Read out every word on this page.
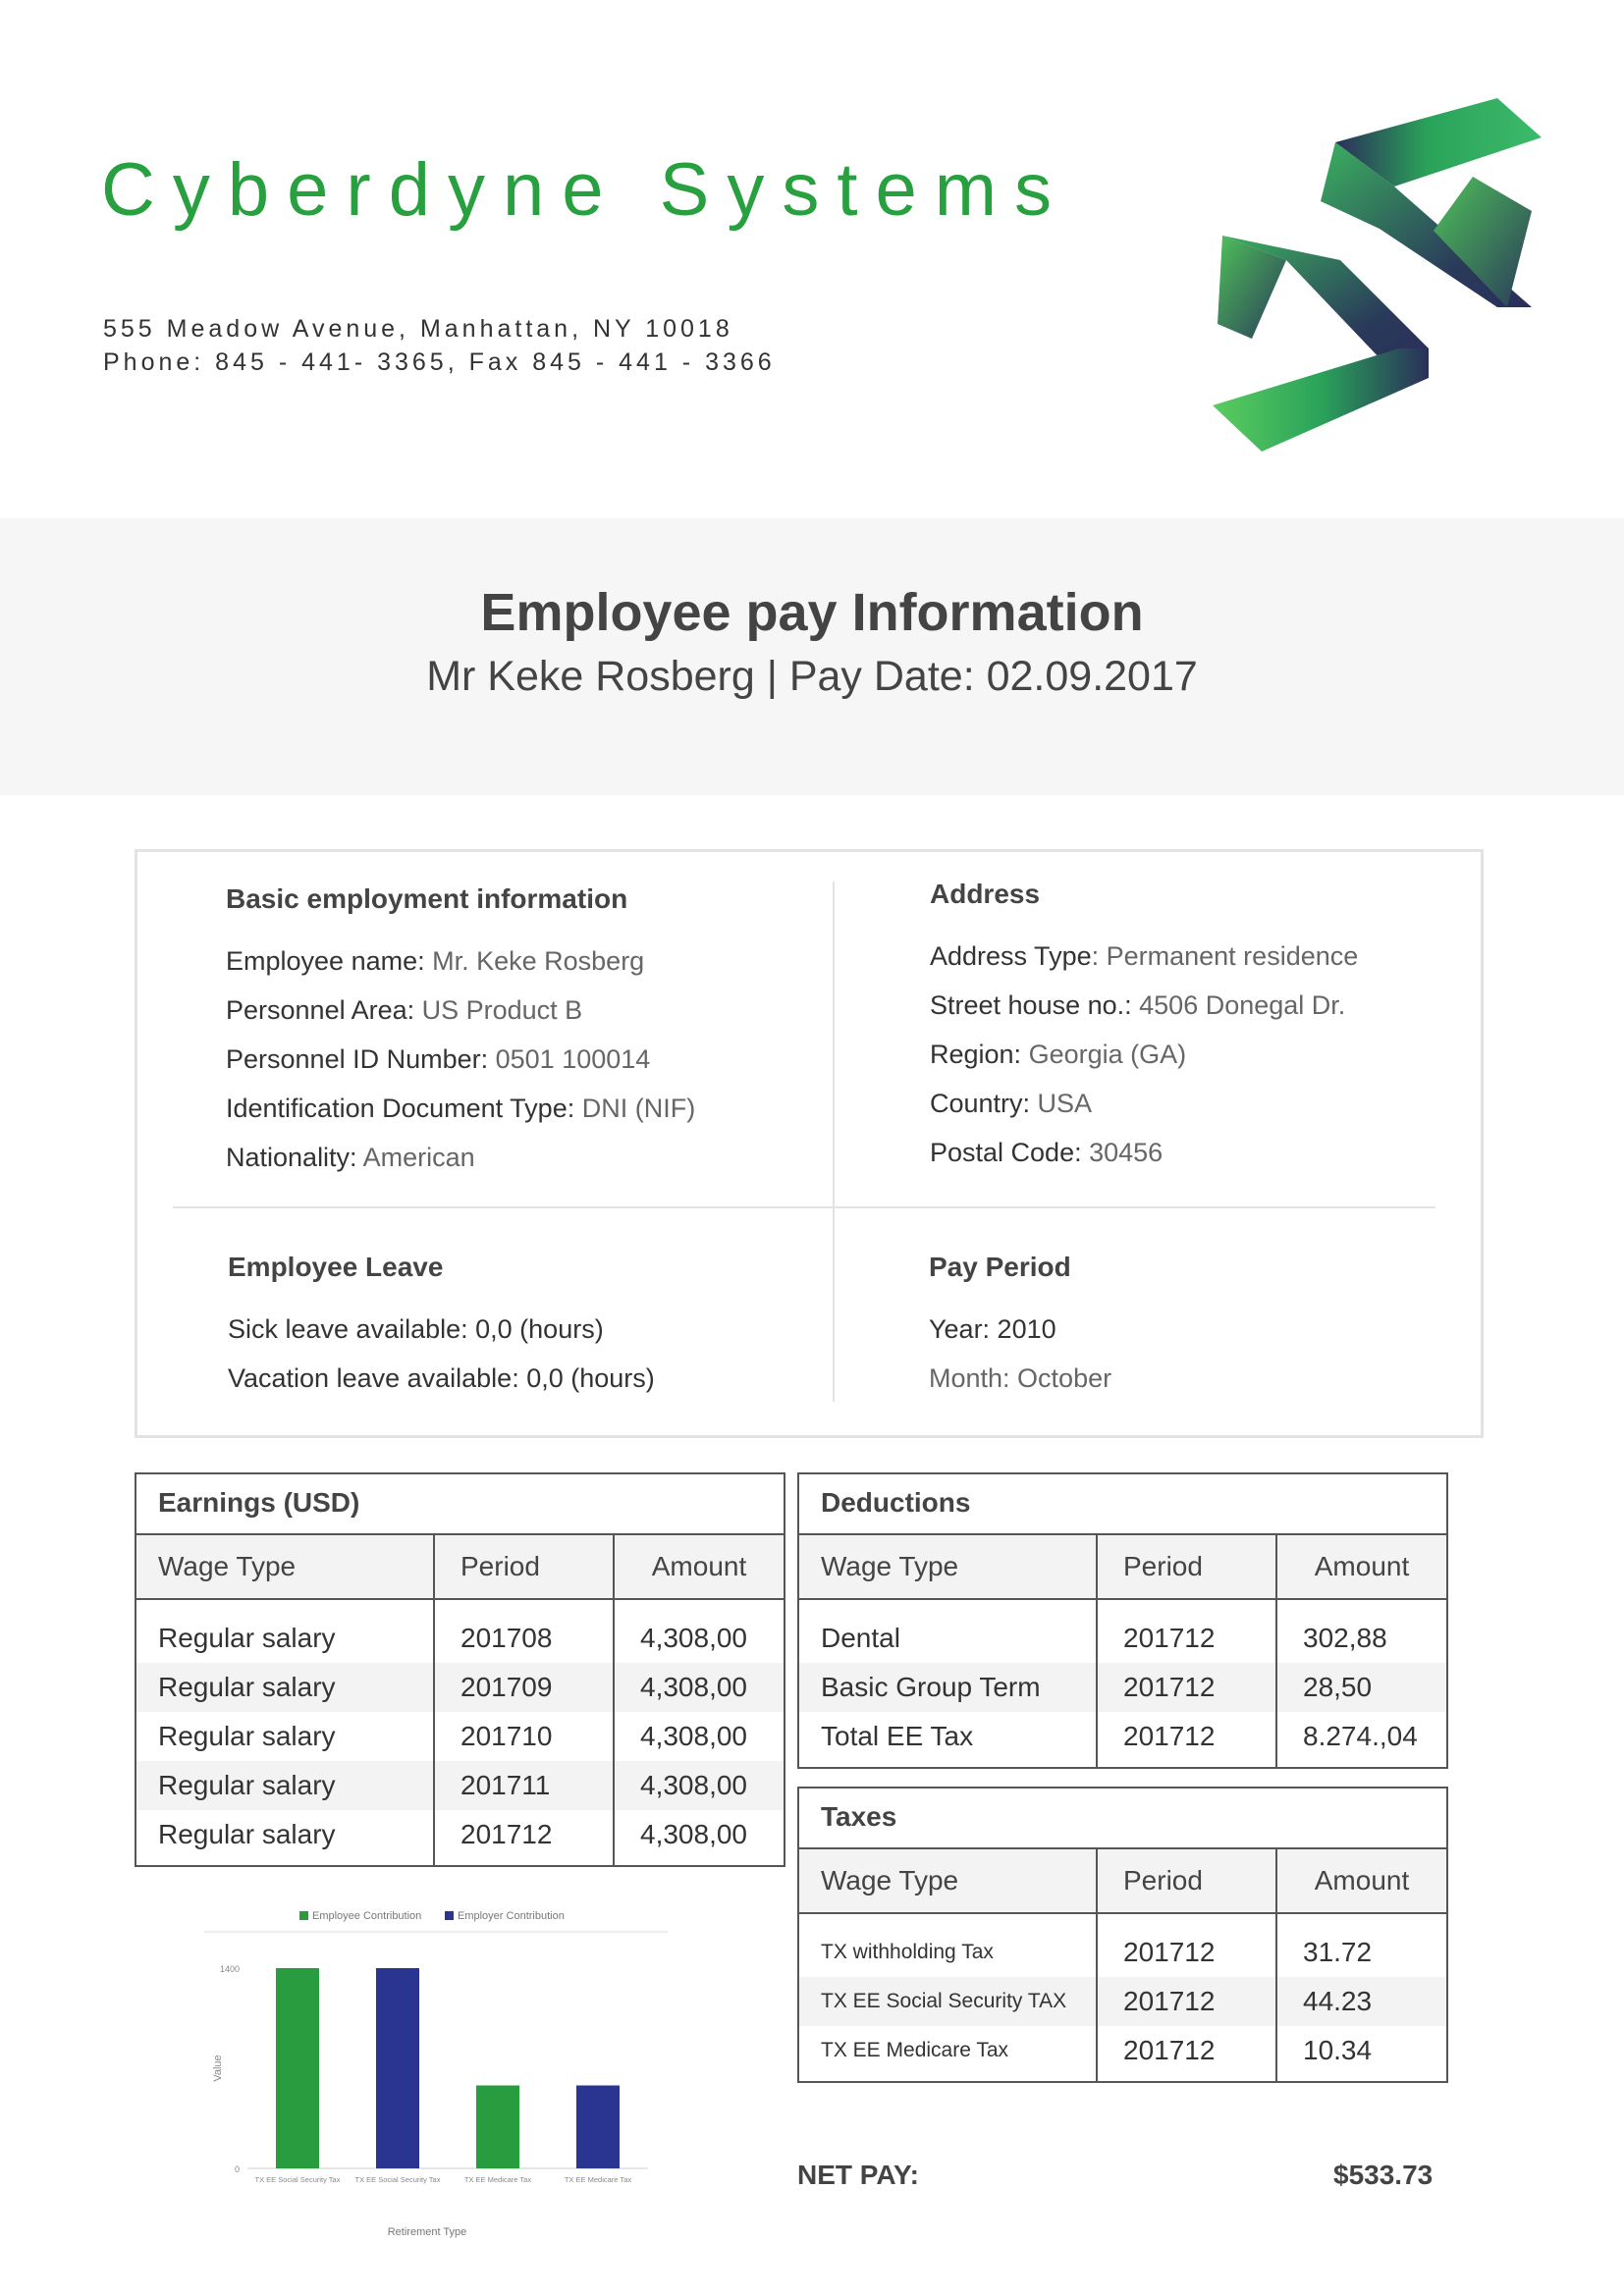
Cyberdyne Systems
555 Meadow Avenue, Manhattan, NY 10018
Phone: 845 - 441- 3365, Fax 845 - 441 - 3366
Employee pay Information
Mr Keke Rosberg | Pay Date: 02.09.2017
Basic employment information
Employee name: Mr. Keke Rosberg
Personnel Area: US Product B
Personnel ID Number: 0501 100014
Identification Document Type: DNI (NIF)
Nationality: American
Address
Address Type: Permanent residence
Street house no.: 4506 Donegal Dr.
Region: Georgia (GA)
Country: USA
Postal Code: 30456
Employee Leave
Sick leave available: 0,0 (hours)
Vacation leave available: 0,0 (hours)
Pay Period
Year: 2010
Month: October
Earnings (USD)
Wage Type	Period	Amount
Regular salary	201708	4,308,00
Regular salary	201709	4,308,00
Regular salary	201710	4,308,00
Regular salary	201711	4,308,00
Regular salary	201712	4,308,00
Deductions
Wage Type	Period	Amount
Dental	201712	302,88
Basic Group Term	201712	28,50
Total EE Tax	201712	8.274.,04
Taxes
Wage Type	Period	Amount
TX withholding Tax	201712	31.72
TX EE Social Security TAX	201712	44.23
TX EE Medicare Tax	201712	10.34
Employee Contribution	Employer Contribution
1400
0
Value
TX EE Social Security Tax TX EE Social Security Tax	TX EE Medicare Tax	TX EE Medicare Tax
Retirement Type
NET PAY:	$533.73
